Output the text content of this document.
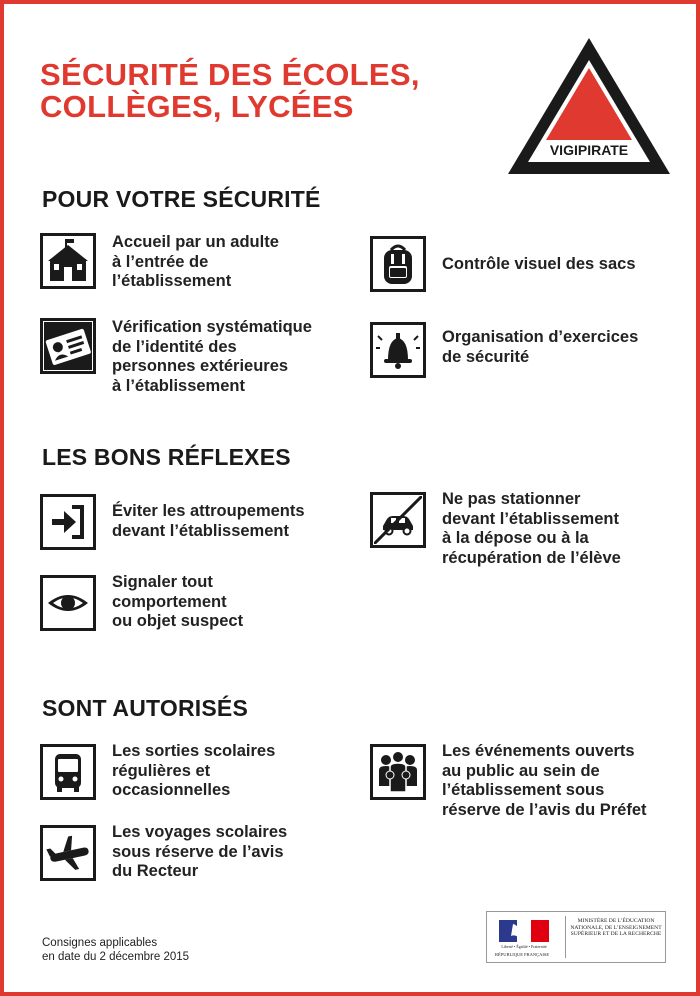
SÉCURITÉ DES ÉCOLES,
COLLÈGES, LYCÉES
VIGIPIRATE
POUR VOTRE SÉCURITÉ
Accueil par un adulte
à l’entrée de
l’établissement
Contrôle visuel des sacs
Vérification systématique
de l’identité des
personnes extérieures
à l’établissement
Organisation d’exercices
de sécurité
LES BONS RÉFLEXES
Éviter les attroupements
devant l’établissement
Ne pas stationner
devant l’établissement
à la dépose ou à la
récupération de l’élève
Signaler tout
comportement
ou objet suspect
SONT AUTORISÉS
Les sorties scolaires
régulières et
occasionnelles
Les événements ouverts
au public au sein de
l’établissement sous
réserve de l’avis du Préfet
Les voyages scolaires
sous réserve de l’avis
du Recteur
Consignes applicables
en date du 2 décembre 2015
Liberté • Égalité • Fraternité
RÉPUBLIQUE FRANÇAISE
MINISTÈRE DE L’ÉDUCATION
NATIONALE, DE L’ENSEIGNEMENT
SUPÉRIEUR ET DE LA RECHERCHE
